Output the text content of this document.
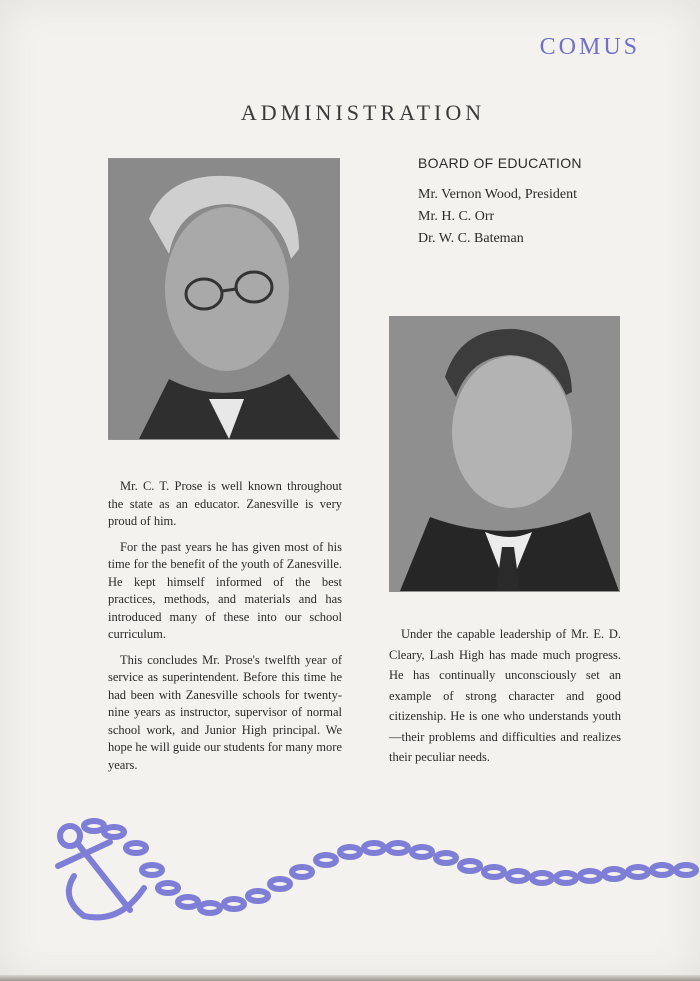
COMUS
ADMINISTRATION
BOARD OF EDUCATION
Mr. Vernon Wood, President
Mr. H. C. Orr
Dr. W. C. Bateman

Mr. C. T. Prose is well known throughout the state as an educator. Zanesville is very proud of him.

For the past years he has given most of his time for the benefit of the youth of Zanesville. He kept himself informed of the best practices, methods, and materials and has introduced many of these into our school curriculum.

This concludes Mr. Prose's twelfth year of service as superintendent. Before this time he had been with Zanesville schools for twenty-nine years as instructor, supervisor of normal school work, and Junior High principal. We hope he will guide our students for many more years.

Under the capable leadership of Mr. E. D. Cleary, Lash High has made much progress. He has continually unconsciously set an example of strong character and good citizenship. He is one who understands youth—their problems and difficulties and realizes their peculiar needs.
